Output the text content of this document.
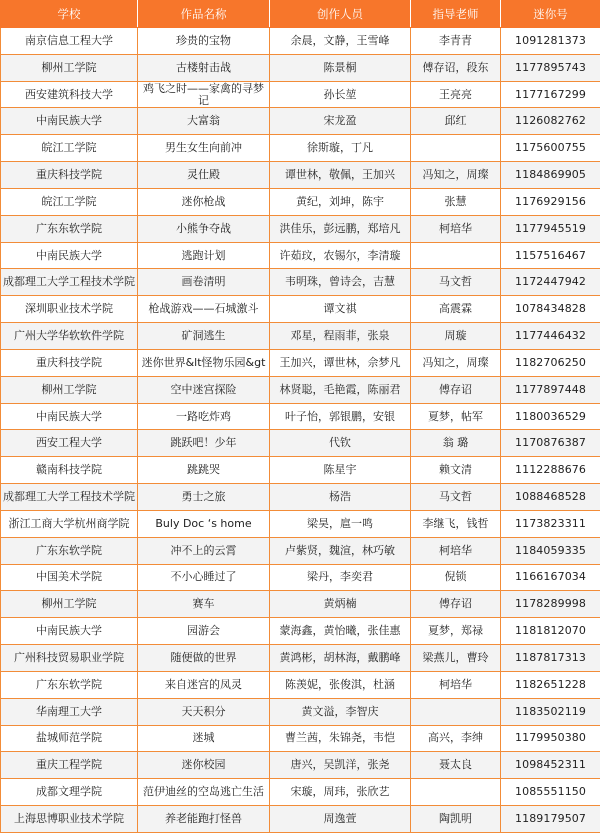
学校	作品名称	创作人员	指导老师	迷你号
南京信息工程大学	珍贵的宝物	余晨，文静，王雪峰	李青青	1091281373
柳州工学院	古楼射击战	陈景桐	傅存诏，段东	1177895743
西安建筑科技大学	鸡飞之时——家禽的寻梦记	孙长堃	王亮亮	1177167299
中南民族大学	大富翁	宋龙盈	邱红	1126082762
皖江工学院	男生女生向前冲	徐斯璇，丁凡		1175600755
重庆科技学院	灵仕殿	谭世林，敬佩，王加兴	冯知之，周璨	1184869905
皖江工学院	迷你枪战	黄纪，刘坤，陈宇	张慧	1176929156
广东东软学院	小熊争夺战	洪佳乐，彭远鹏，郑培凡	柯培华	1177945519
中南民族大学	逃跑计划	许茹玟，农锡尔，李清璇		1157516467
成都理工大学工程技术学院	画卷清明	韦明珠，曾诗会，吉慧	马文哲	1172447942
深圳职业技术学院	枪战游戏——石城激斗	谭文祺	高震霖	1078434828
广州大学华软软件学院	矿洞逃生	邓星，程雨菲，张泉	周璇	1177446432
重庆科技学院	迷你世界&lt怪物乐园&gt	王加兴，谭世林，佘梦凡	冯知之，周璨	1182706250
柳州工学院	空中迷宫探险	林贤聪，毛艳霞，陈丽君	傅存诏	1177897448
中南民族大学	一路吃炸鸡	叶子怡，郭银鹏，安银	夏梦，帖军	1180036529
西安工程大学	跳跃吧！少年	代钦	翁 璐	1170876387
赣南科技学院	跳跳哭	陈星宇	赖文清	1112288676
成都理工大学工程技术学院	勇士之旅	杨浩	马文哲	1088468528
浙江工商大学杭州商学院	Buly Doc ‘s home	梁昊，扈一鸣	李继飞，钱哲	1173823311
广东东软学院	冲不上的云霄	卢紫贤，魏渲，林巧敏	柯培华	1184059335
中国美术学院	不小心睡过了	梁丹，李奕君	倪锁	1166167034
柳州工学院	赛车	黄炳楠	傅存诏	1178289998
中南民族大学	园游会	蒙海鑫，黄怡曦，张佳惠	夏梦，郑禄	1181812070
广州科技贸易职业学院	随便做的世界	黄鸿彬，胡林海，戴鹏峰	梁燕儿，曹玲	1187817313
广东东软学院	来自迷宫的凤灵	陈羡妮，张俊淇，杜涵	柯培华	1182651228
华南理工大学	天天积分	黄文溢，李智庆		1183502119
盐城师范学院	迷城	曹兰茜，朱锦尧，韦恺	高兴，李绅	1179950380
重庆工程学院	迷你校园	唐兴，吴凯洋，张尧	聂太良	1098452311
成都文理学院	范伊迪丝的空岛逃亡生活	宋璇，周玮，张欣艺		1085551150
上海思博职业技术学院	养老能跑打怪兽	周逸萱	陶凯明	1189179507
